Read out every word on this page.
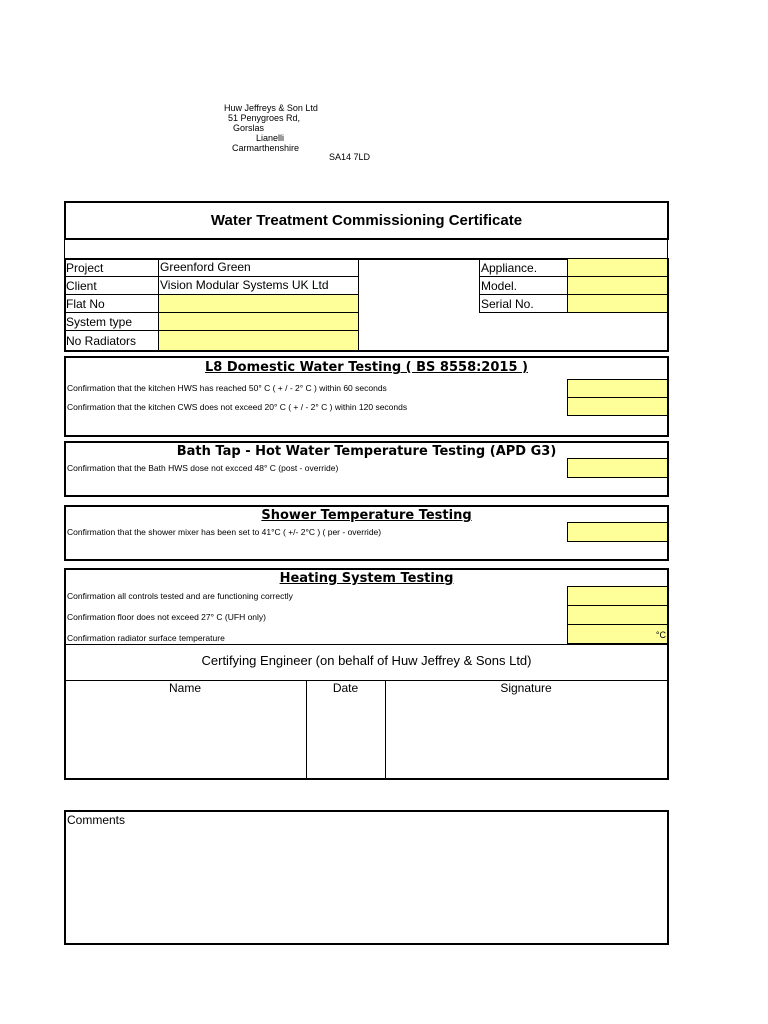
Huw Jeffreys & Son Ltd
51 Penygroes Rd,
Gorslas
Lianelli
Carmarthenshire
SA14 7LD
Water Treatment Commissioning Certificate
Project	Greenford Green
Client	Vision Modular Systems UK Ltd
Flat No
System type
No Radiators
Appliance.
Model.
Serial No.
L8 Domestic Water Testing ( BS 8558:2015 )
Confirmation that the kitchen HWS has reached 50° C ( + / - 2° C ) within 60 seconds
Confirmation that the kitchen CWS does not exceed 20° C ( + / - 2° C ) within 120 seconds
Bath Tap - Hot Water Temperature Testing (APD G3)
Confirmation that the Bath HWS dose not excced 48° C (post - override)
Shower Temperature Testing
Confirmation that the shower mixer has been set to 41°C ( +/- 2°C ) ( per - override)
Heating System Testing
Confirmation all controls tested and are functioning correctly
Confirmation floor does not exceed 27° C (UFH only)
Confirmation radiator surface temperature	°C
Certifying Engineer (on behalf of Huw Jeffrey & Sons Ltd)
Name	Date	Signature
Comments
